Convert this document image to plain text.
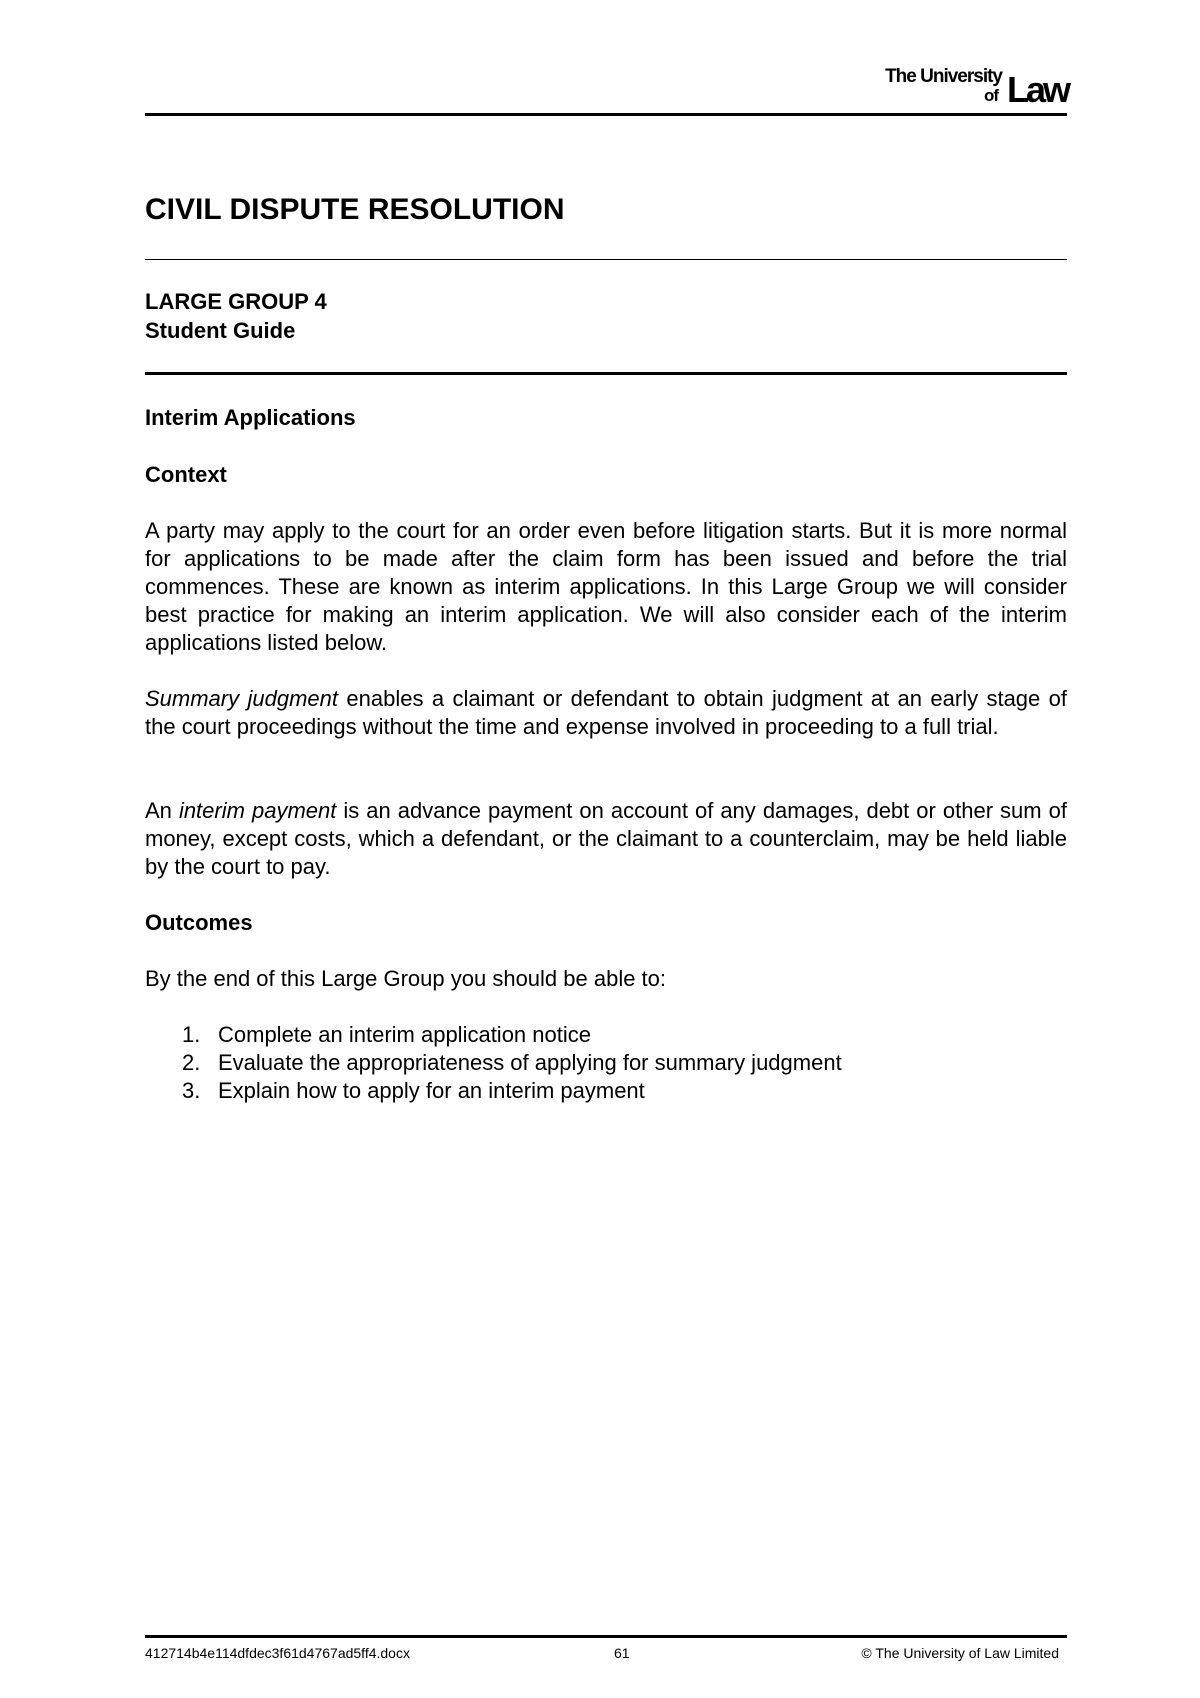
The University
of Law
CIVIL DISPUTE RESOLUTION
LARGE GROUP 4
Student Guide
Interim Applications
Context
A party may apply to the court for an order even before litigation starts. But it is more normal for applications to be made after the claim form has been issued and before the trial commences. These are known as interim applications. In this Large Group we will consider best practice for making an interim application. We will also consider each of the interim applications listed below.
Summary judgment enables a claimant or defendant to obtain judgment at an early stage of the court proceedings without the time and expense involved in proceeding to a full trial.
An interim payment is an advance payment on account of any damages, debt or other sum of money, except costs, which a defendant, or the claimant to a counterclaim, may be held liable by the court to pay.
Outcomes
By the end of this Large Group you should be able to:
1. Complete an interim application notice
2. Evaluate the appropriateness of applying for summary judgment
3. Explain how to apply for an interim payment
412714b4e114dfdec3f61d4767ad5ff4.docx	61	© The University of Law Limited
